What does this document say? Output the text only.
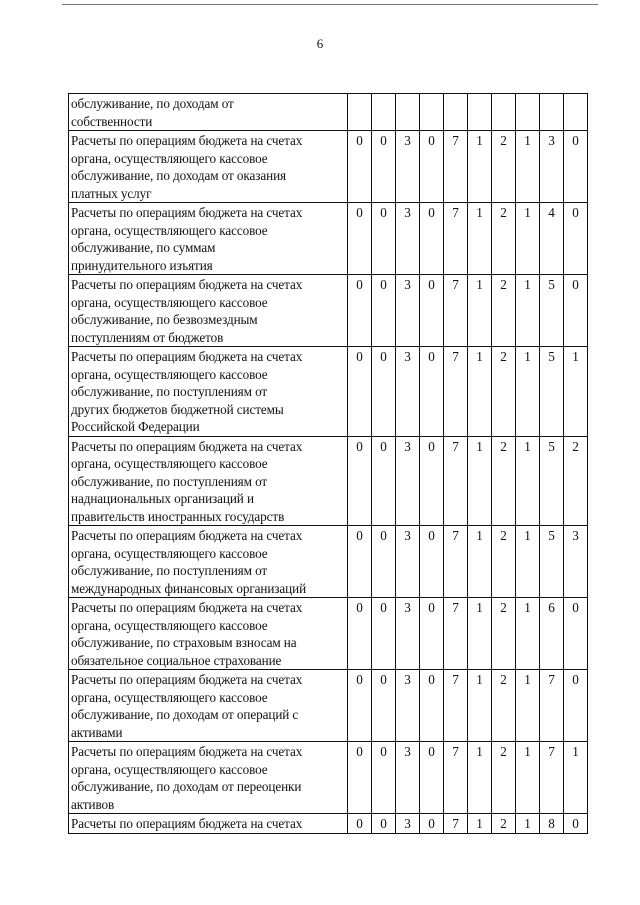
6
обслуживание, по доходам от
собственности										

Расчеты по операциям бюджета на счетах
органа, осуществляющего кассовое
обслуживание, по доходам от оказания
платных услуг	0	0	3	0	7	1	2	1	3	0

Расчеты по операциям бюджета на счетах
органа, осуществляющего кассовое
обслуживание, по суммам
принудительного изъятия	0	0	3	0	7	1	2	1	4	0

Расчеты по операциям бюджета на счетах
органа, осуществляющего кассовое
обслуживание, по безвозмездным
поступлениям от бюджетов	0	0	3	0	7	1	2	1	5	0

Расчеты по операциям бюджета на счетах
органа, осуществляющего кассовое
обслуживание, по поступлениям от
других бюджетов бюджетной системы
Российской Федерации	0	0	3	0	7	1	2	1	5	1

Расчеты по операциям бюджета на счетах
органа, осуществляющего кассовое
обслуживание, по поступлениям от
наднациональных организаций и
правительств иностранных государств	0	0	3	0	7	1	2	1	5	2

Расчеты по операциям бюджета на счетах
органа, осуществляющего кассовое
обслуживание, по поступлениям от
международных финансовых организаций	0	0	3	0	7	1	2	1	5	3

Расчеты по операциям бюджета на счетах
органа, осуществляющего кассовое
обслуживание, по страховым взносам на
обязательное социальное страхование	0	0	3	0	7	1	2	1	6	0

Расчеты по операциям бюджета на счетах
органа, осуществляющего кассовое
обслуживание, по доходам от операций с
активами	0	0	3	0	7	1	2	1	7	0

Расчеты по операциям бюджета на счетах
органа, осуществляющего кассовое
обслуживание, по доходам от переоценки
активов	0	0	3	0	7	1	2	1	7	1

Расчеты по операциям бюджета на счетах	0	0	3	0	7	1	2	1	8	0
